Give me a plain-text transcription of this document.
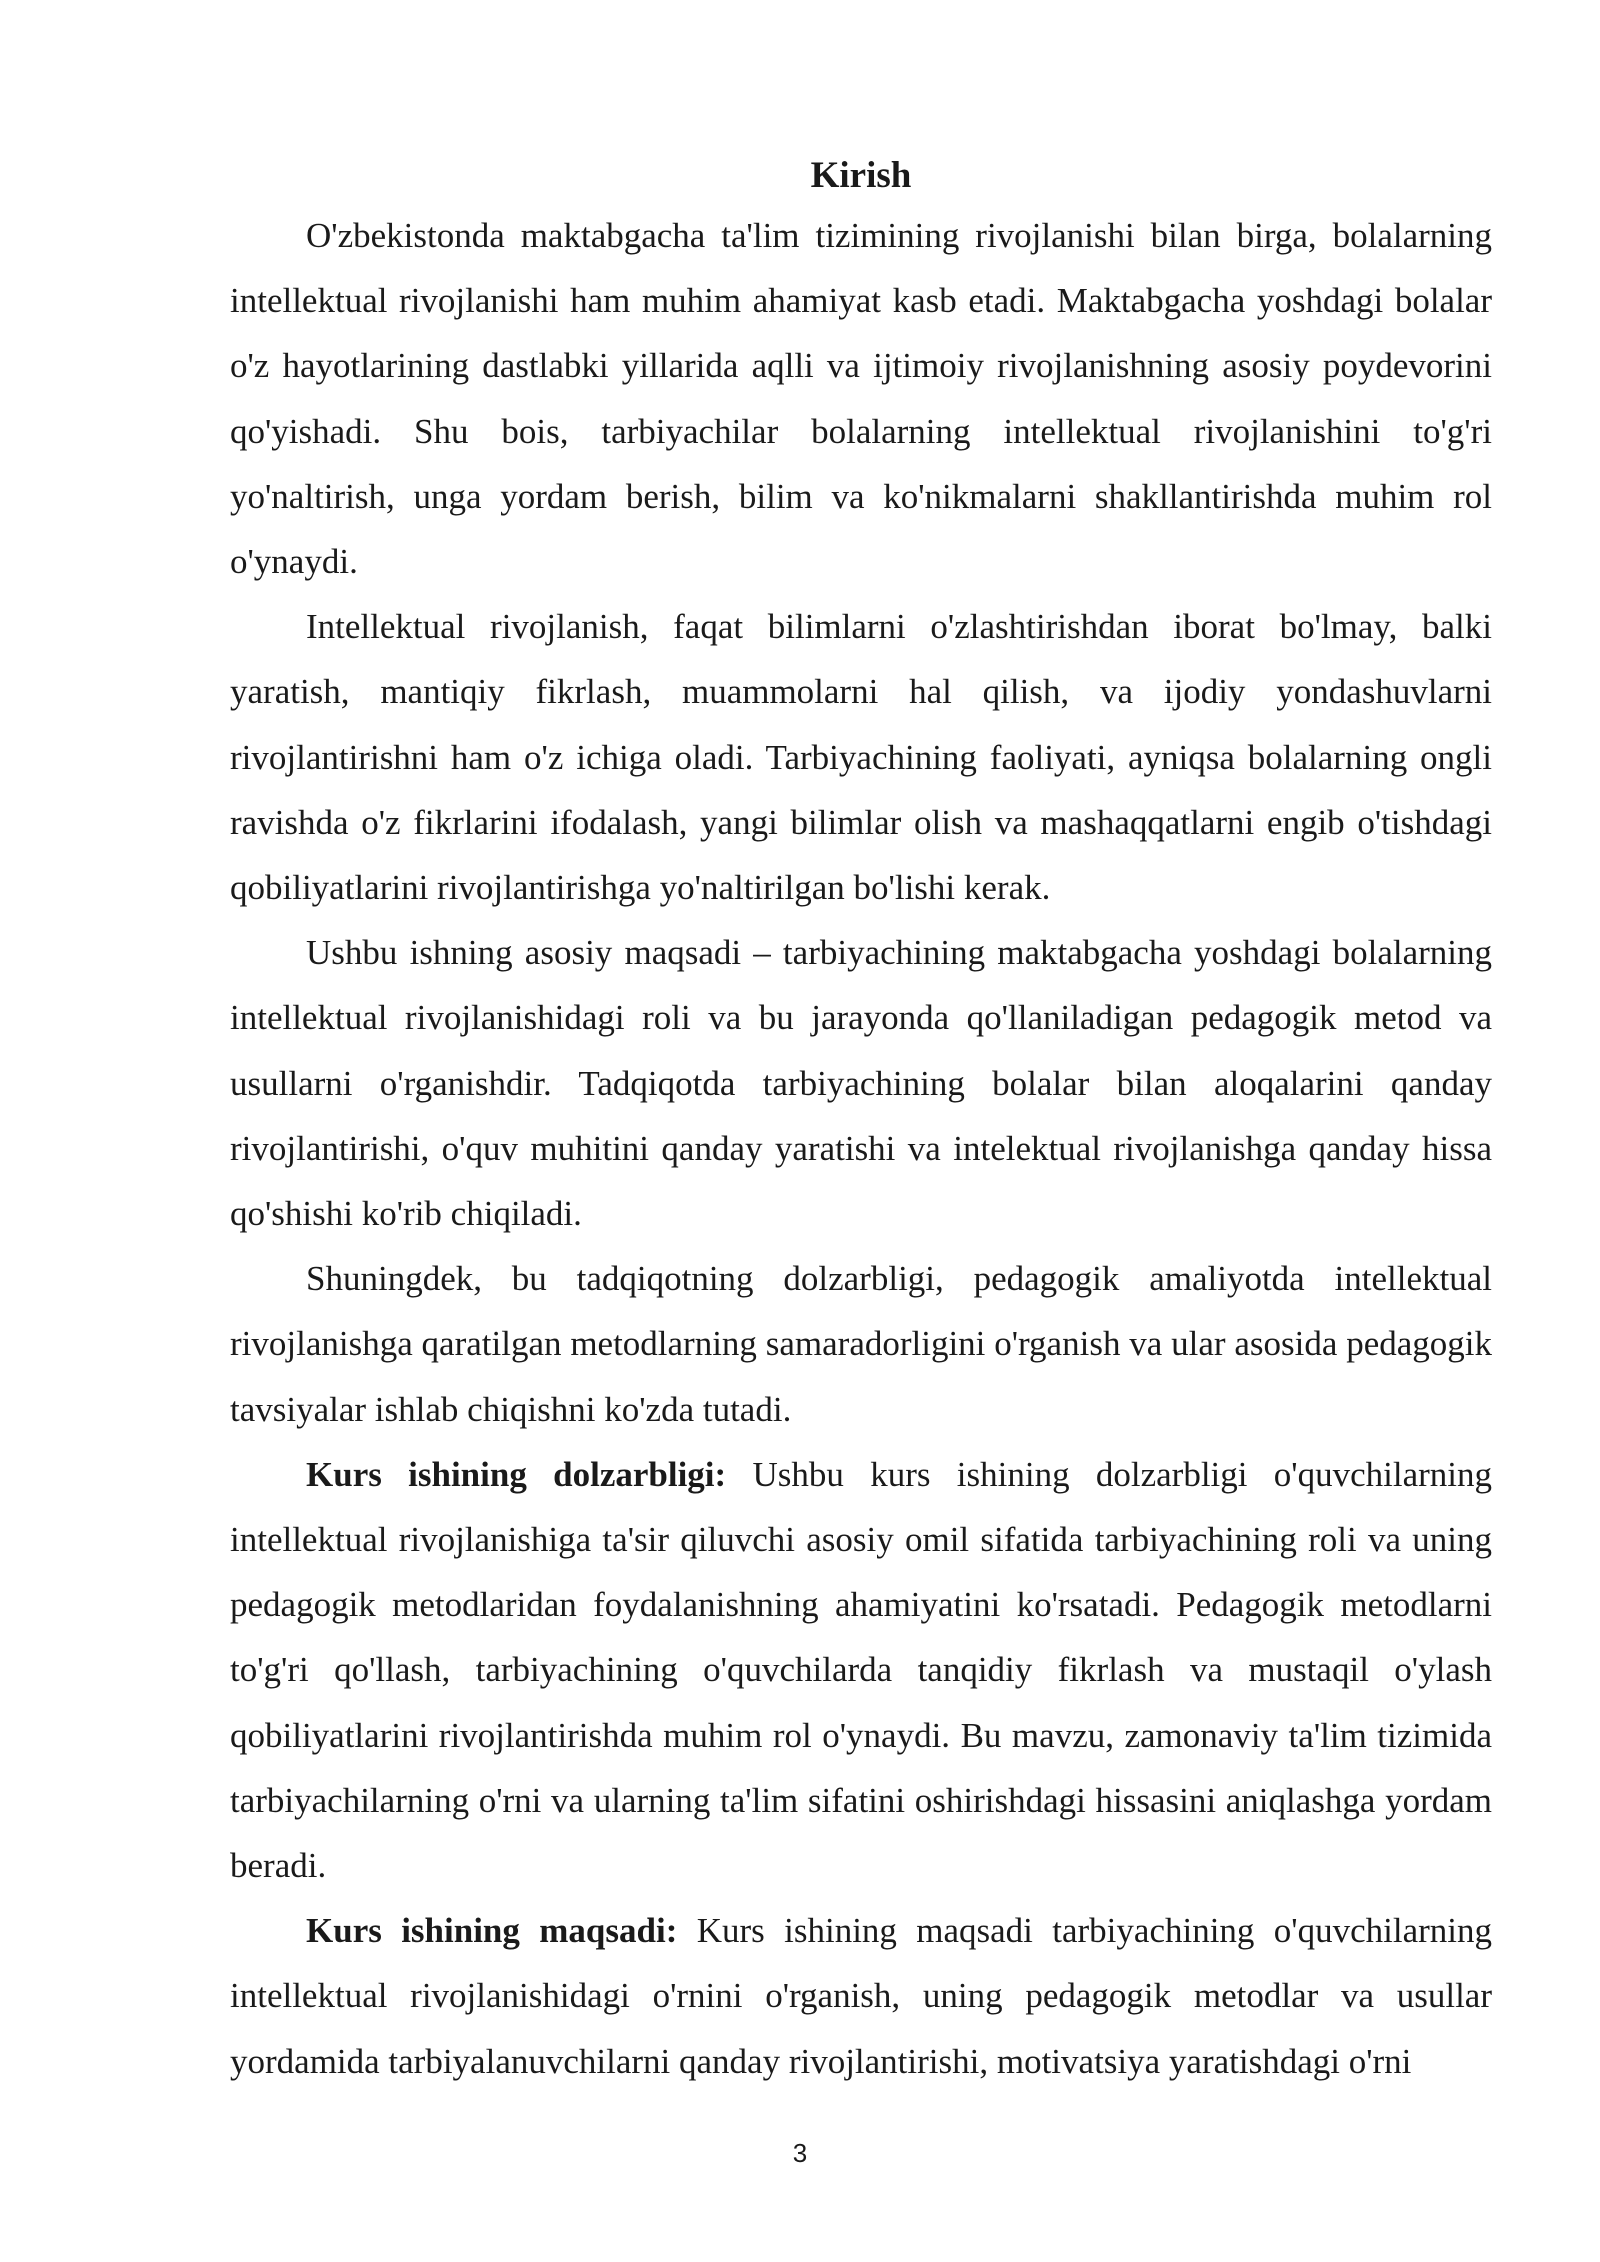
Kirish

O'zbekistonda maktabgacha ta'lim tizimining rivojlanishi bilan birga, bolalarning intellektual rivojlanishi ham muhim ahamiyat kasb etadi. Maktabgacha yoshdagi bolalar o'z hayotlarining dastlabki yillarida aqlli va ijtimoiy rivojlanishning asosiy poydevorini qo'yishadi. Shu bois, tarbiyachilar bolalarning intellektual rivojlanishini to'g'ri yo'naltirish, unga yordam berish, bilim va ko'nikmalarni shakllantirishda muhim rol o'ynaydi.

Intellektual rivojlanish, faqat bilimlarni o'zlashtirishdan iborat bo'lmay, balki yaratish, mantiqiy fikrlash, muammolarni hal qilish, va ijodiy yondashuvlarni rivojlantirishni ham o'z ichiga oladi. Tarbiyachining faoliyati, ayniqsa bolalarning ongli ravishda o'z fikrlarini ifodalash, yangi bilimlar olish va mashaqqatlarni engib o'tishdagi qobiliyatlarini rivojlantirishga yo'naltirilgan bo'lishi kerak.

Ushbu ishning asosiy maqsadi – tarbiyachining maktabgacha yoshdagi bolalarning intellektual rivojlanishidagi roli va bu jarayonda qo'llaniladigan pedagogik metod va usullarni o'rganishdir. Tadqiqotda tarbiyachining bolalar bilan aloqalarini qanday rivojlantirishi, o'quv muhitini qanday yaratishi va intelektual rivojlanishga qanday hissa qo'shishi ko'rib chiqiladi.

Shuningdek, bu tadqiqotning dolzarbligi, pedagogik amaliyotda intellektual rivojlanishga qaratilgan metodlarning samaradorligini o'rganish va ular asosida pedagogik tavsiyalar ishlab chiqishni ko'zda tutadi.

Kurs ishining dolzarbligi: Ushbu kurs ishining dolzarbligi o'quvchilarning intellektual rivojlanishiga ta'sir qiluvchi asosiy omil sifatida tarbiyachining roli va uning pedagogik metodlaridan foydalanishning ahamiyatini ko'rsatadi. Pedagogik metodlarni to'g'ri qo'llash, tarbiyachining o'quvchilarda tanqidiy fikrlash va mustaqil o'ylash qobiliyatlarini rivojlantirishda muhim rol o'ynaydi. Bu mavzu, zamonaviy ta'lim tizimida tarbiyachilarning o'rni va ularning ta'lim sifatini oshirishdagi hissasini aniqlashga yordam beradi.

Kurs ishining maqsadi: Kurs ishining maqsadi tarbiyachining o'quvchilarning intellektual rivojlanishidagi o'rnini o'rganish, uning pedagogik metodlar va usullar yordamida tarbiyalanuvchilarni qanday rivojlantirishi, motivatsiya yaratishdagi o'rni

3
